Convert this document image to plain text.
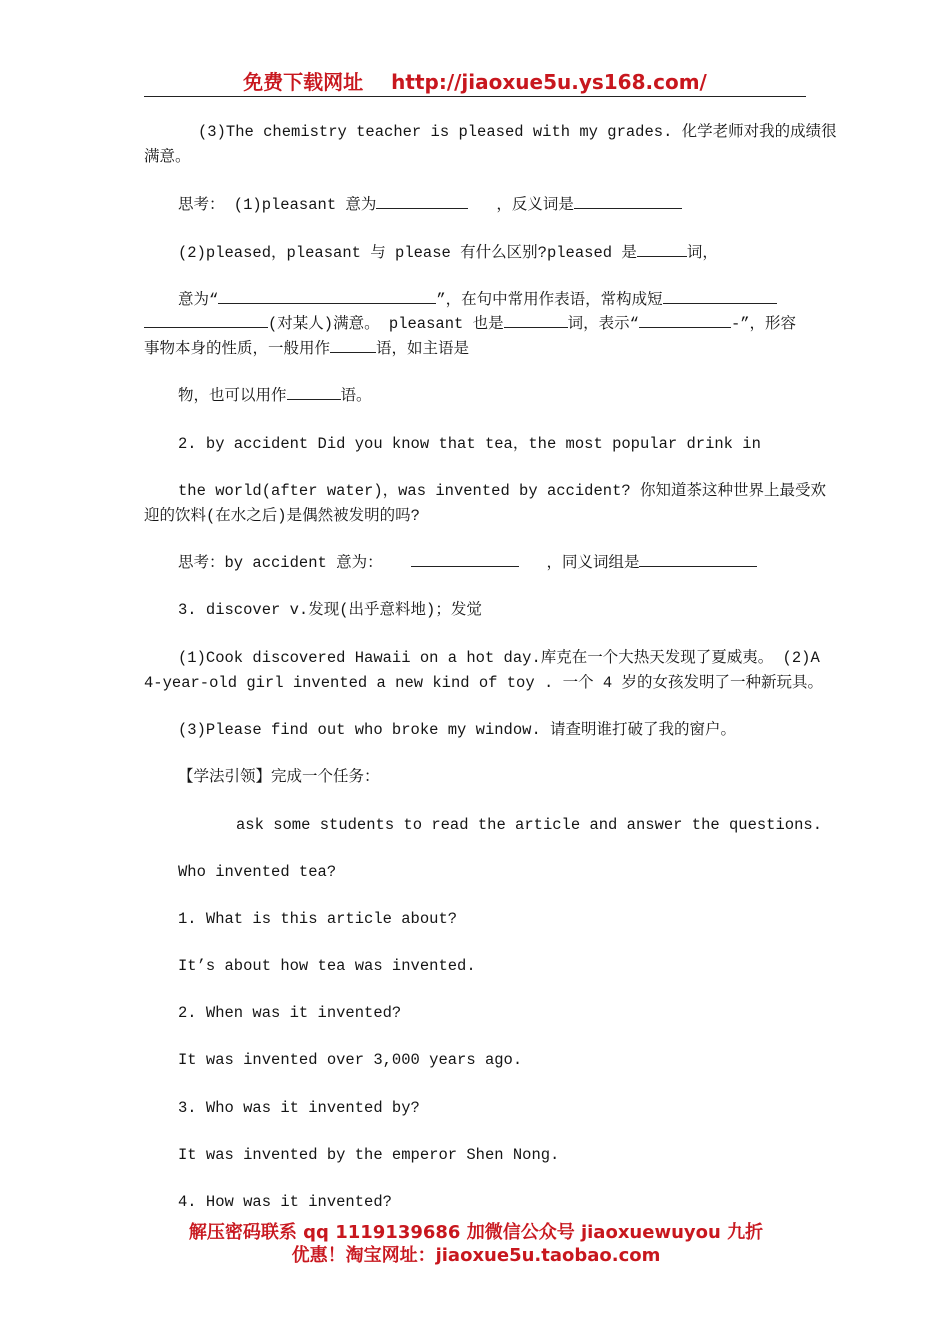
免费下载网址 http://jiaoxue5u.ys168.com/
(3)The chemistry teacher is pleased with my grades. 化学老师对我的成绩很
满意。
思考： (1)pleasant 意为	，反义词是
(2)pleased，pleasant 与 please 有什么区别?pleased 是	词，
意为“	”，在句中常用作表语，常构成短
(对某人)满意。 pleasant 也是	词，表示“	-”，形容
事物本身的性质，一般用作	语，如主语是
物，也可以用作	语。
2. by accident Did you know that tea，the most popular drink in
the world(after water)，was invented by accident? 你知道茶这种世界上最受欢
迎的饮料(在水之后)是偶然被发明的吗?
思考：by accident 意为：	，同义词组是
3. discover v.发现(出乎意料地)；发觉
(1)Cook discovered Hawaii on a hot day.库克在一个大热天发现了夏威夷。 (2)A
4-year-old girl invented a new kind of toy . 一个 4 岁的女孩发明了一种新玩具。
(3)Please find out who broke my window. 请查明谁打破了我的窗户。
【学法引领】完成一个任务：
ask some students to read the article and answer the questions.
Who invented tea?
1. What is this article about?
It’s about how tea was invented.
2. When was it invented?
It was invented over 3,000 years ago.
3. Who was it invented by?
It was invented by the emperor Shen Nong.
4. How was it invented?
解压密码联系 qq 1119139686 加微信公众号 jiaoxuewuyou 九折
优惠！淘宝网址：jiaoxue5u.taobao.com
